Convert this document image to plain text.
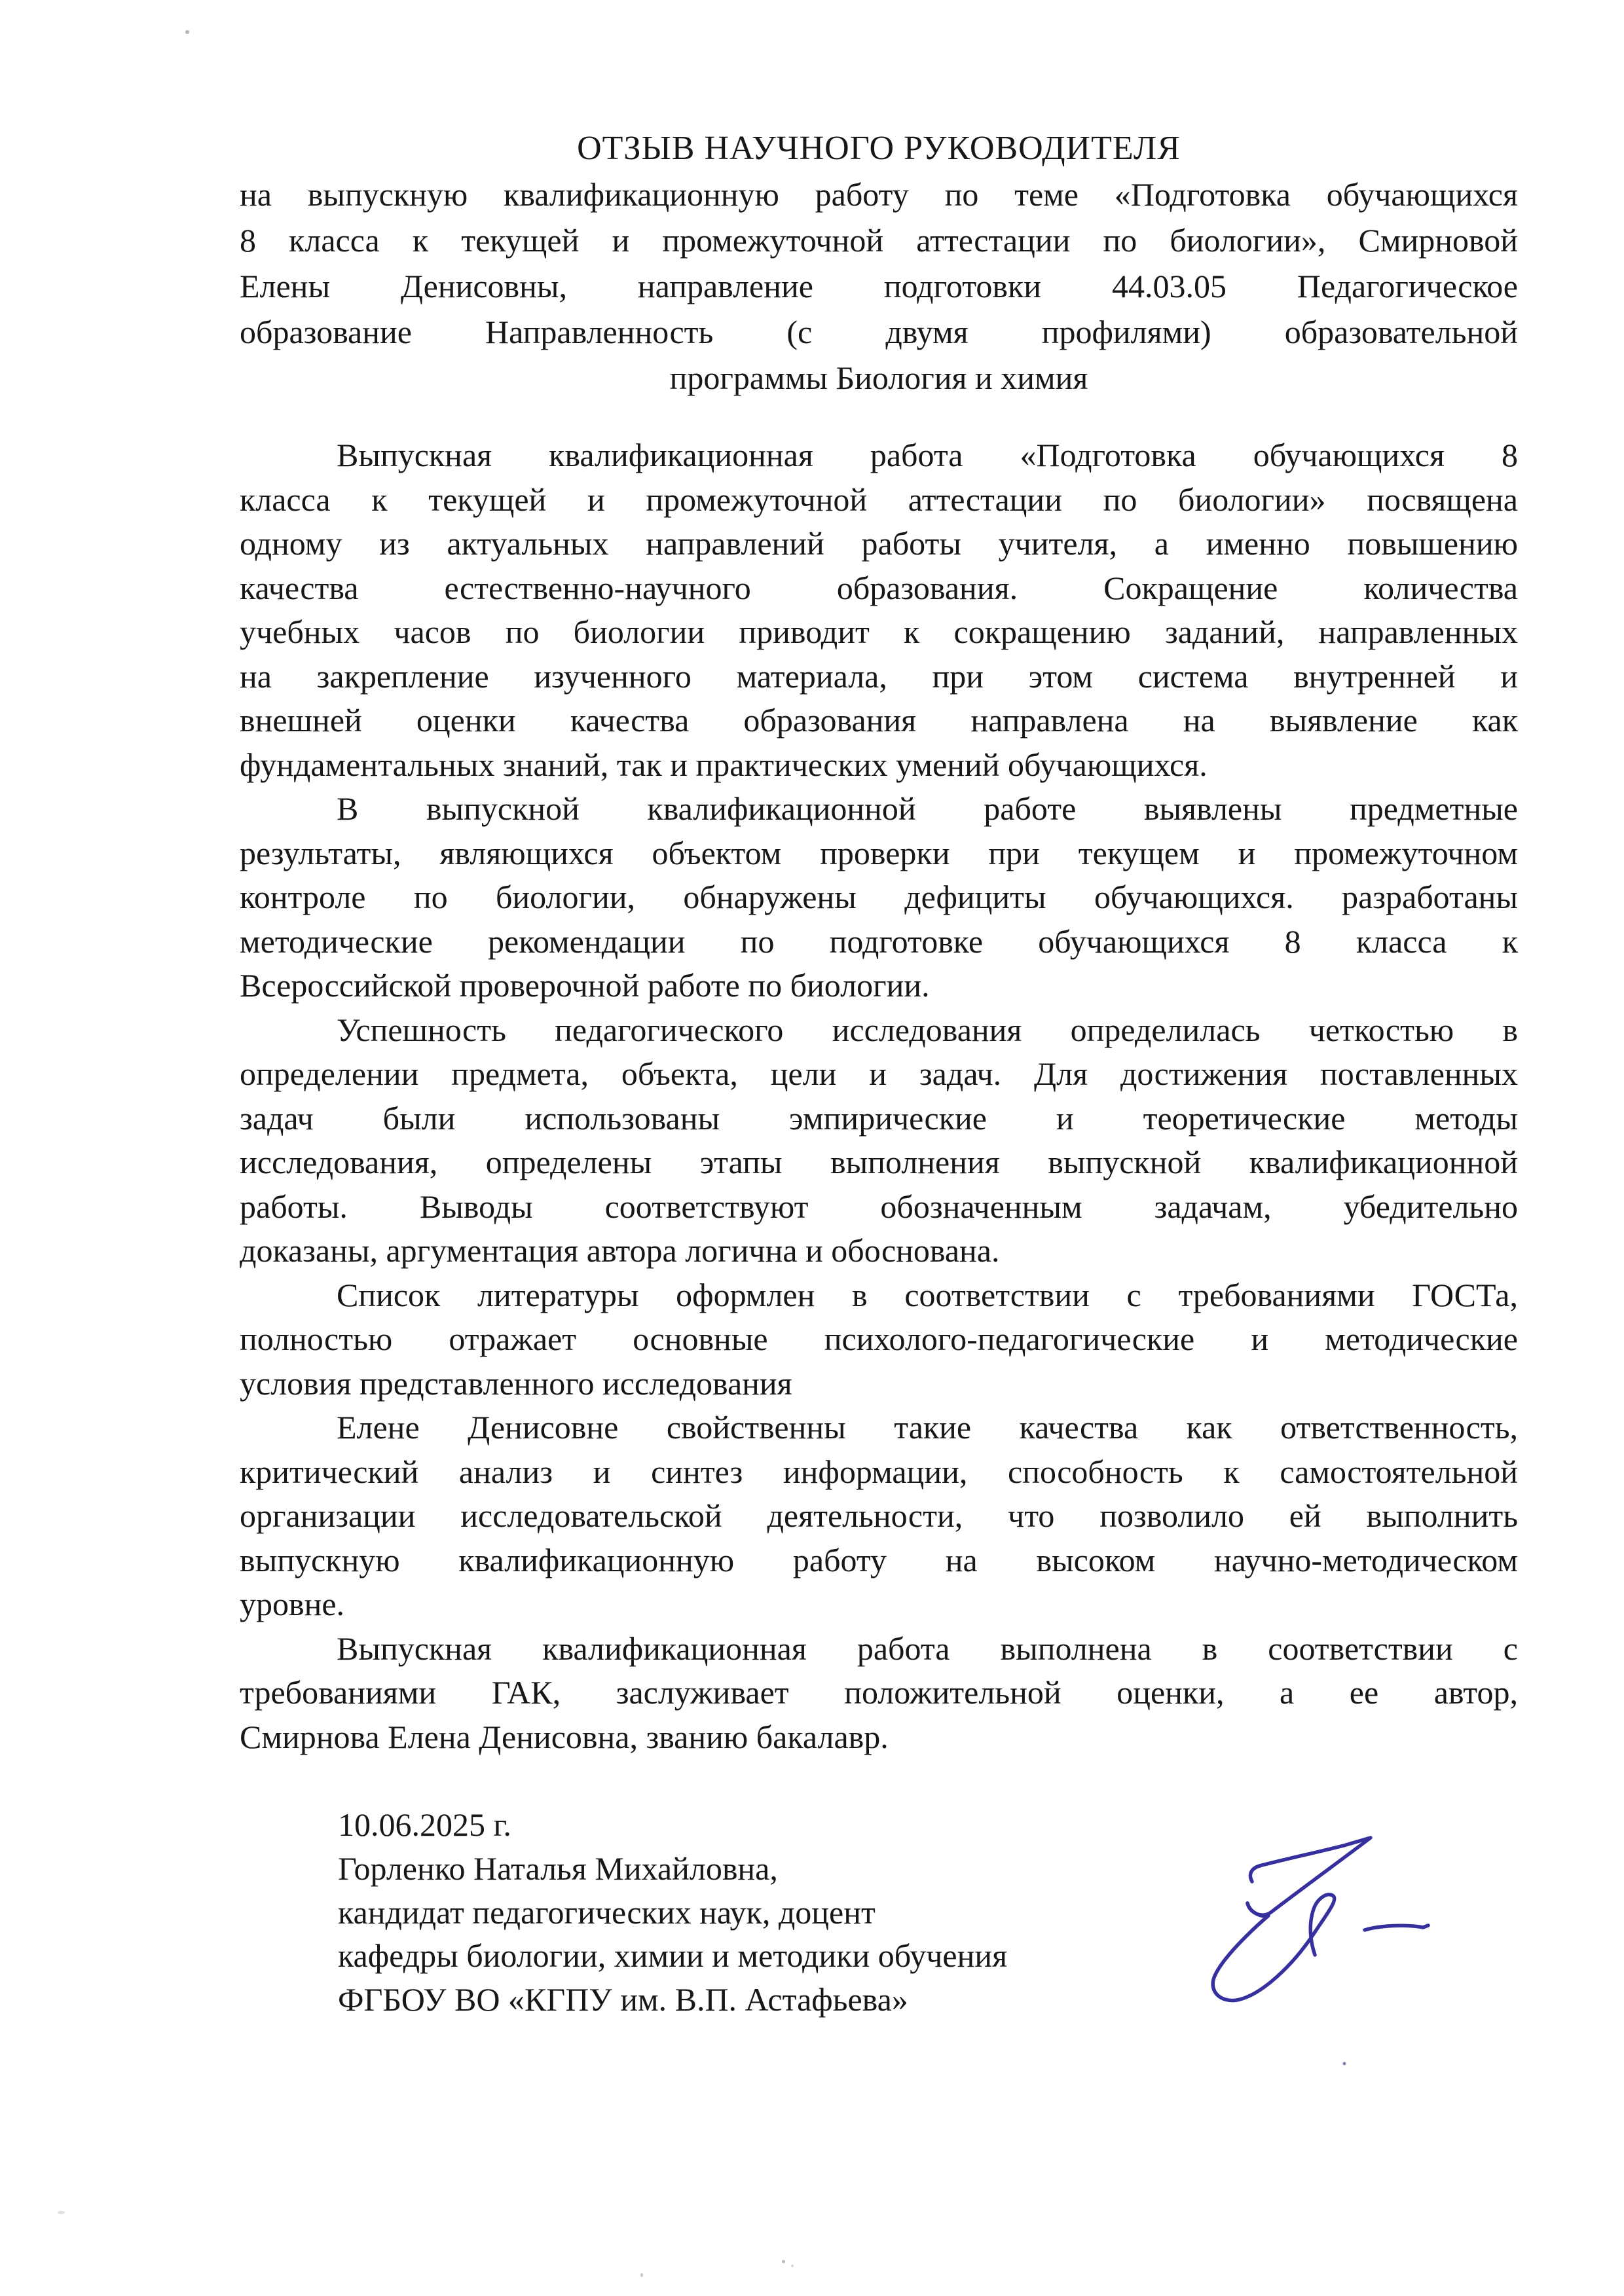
ОТЗЫВ НАУЧНОГО РУКОВОДИТЕЛЯ
на выпускную квалификационную работу по теме «Подготовка обучающихся
8 класса к текущей и промежуточной аттестации по биологии», Смирновой
Елены Денисовны, направление подготовки 44.03.05 Педагогическое
образование Направленность (с двумя профилями) образовательной
программы Биология и химия
Выпускная квалификационная работа «Подготовка обучающихся 8
класса к текущей и промежуточной аттестации по биологии» посвящена
одному из актуальных направлений работы учителя, а именно повышению
качества естественно-научного образования. Сокращение количества
учебных часов по биологии приводит к сокращению заданий, направленных
на закрепление изученного материала, при этом система внутренней и
внешней оценки качества образования направлена на выявление как
фундаментальных знаний, так и практических умений обучающихся.
В выпускной квалификационной работе выявлены предметные
результаты, являющихся объектом проверки при текущем и промежуточном
контроле по биологии, обнаружены дефициты обучающихся. разработаны
методические рекомендации по подготовке обучающихся 8 класса к
Всероссийской проверочной работе по биологии.
Успешность педагогического исследования определилась четкостью в
определении предмета, объекта, цели и задач. Для достижения поставленных
задач были использованы эмпирические и теоретические методы
исследования, определены этапы выполнения выпускной квалификационной
работы. Выводы соответствуют обозначенным задачам, убедительно
доказаны, аргументация автора логична и обоснована.
Список литературы оформлен в соответствии с требованиями ГОСТа,
полностью отражает основные психолого-педагогические и методические
условия представленного исследования
Елене Денисовне свойственны такие качества как ответственность,
критический анализ и синтез информации, способность к самостоятельной
организации исследовательской деятельности, что позволило ей выполнить
выпускную квалификационную работу на высоком научно-методическом
уровне.
Выпускная квалификационная работа выполнена в соответствии с
требованиями ГАК, заслуживает положительной оценки, а ее автор,
Смирнова Елена Денисовна, званию бакалавр.
10.06.2025 г.
Горленко Наталья Михайловна,
кандидат педагогических наук, доцент
кафедры биологии, химии и методики обучения
ФГБОУ ВО «КГПУ им. В.П. Астафьева»
